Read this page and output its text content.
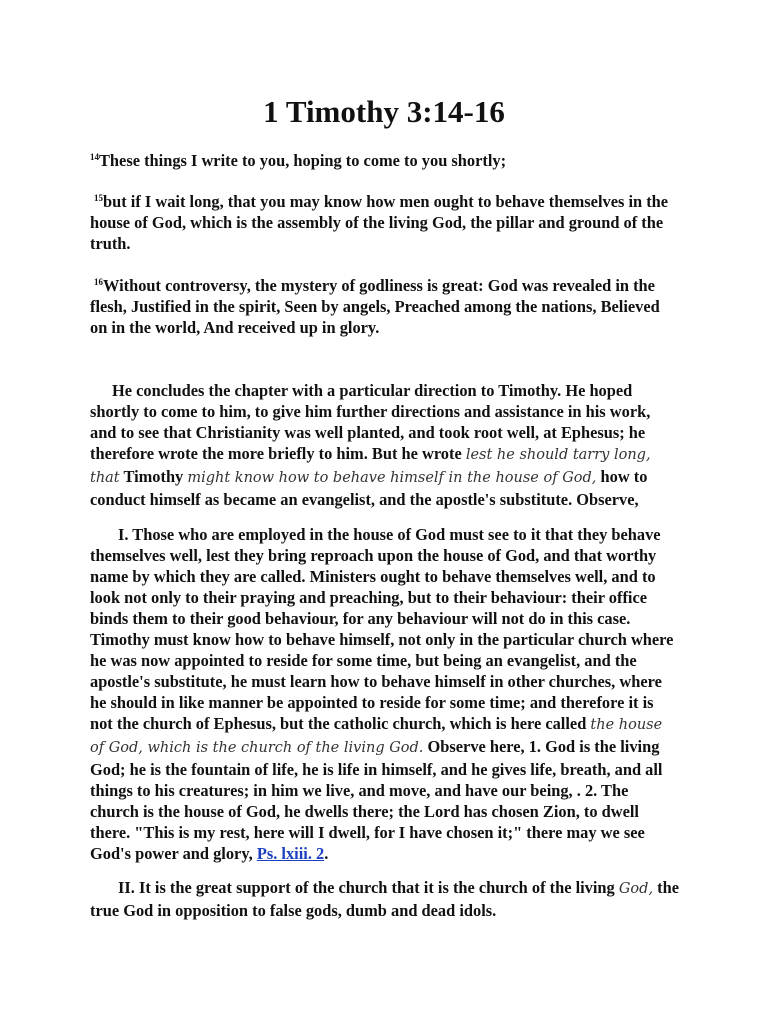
1 Timothy 3:14-16

$^{14}$These things I write to you, hoping to come to you shortly;

$^{15}$but if I wait long, that you may know how men ought to behave themselves in the house of God, which is the assembly of the living God, the pillar and ground of the truth.

$^{16}$Without controversy, the mystery of godliness is great: God was revealed in the flesh, Justified in the spirit, Seen by angels, Preached among the nations, Believed on in the world, And received up in glory.

He concludes the chapter with a particular direction to Timothy. He hoped shortly to come to him, to give him further directions and assistance in his work, and to see that Christianity was well planted, and took root well, at Ephesus; he therefore wrote the more briefly to him. But he wrote lest he should tarry long, that Timothy might know how to behave himself in the house of God, how to conduct himself as became an evangelist, and the apostle's substitute. Observe,

I. Those who are employed in the house of God must see to it that they behave themselves well, lest they bring reproach upon the house of God, and that worthy name by which they are called. Ministers ought to behave themselves well, and to look not only to their praying and preaching, but to their behaviour: their office binds them to their good behaviour, for any behaviour will not do in this case. Timothy must know how to behave himself, not only in the particular church where he was now appointed to reside for some time, but being an evangelist, and the apostle's substitute, he must learn how to behave himself in other churches, where he should in like manner be appointed to reside for some time; and therefore it is not the church of Ephesus, but the catholic church, which is here called the house of God, which is the church of the living God. Observe here, 1. God is the living God; he is the fountain of life, he is life in himself, and he gives life, breath, and all things to his creatures; in him we live, and move, and have our being, . 2. The church is the house of God, he dwells there; the Lord has chosen Zion, to dwell there. "This is my rest, here will I dwell, for I have chosen it;" there may we see God's power and glory, Ps. lxiii. 2.

II. It is the great support of the church that it is the church of the living God, the true God in opposition to false gods, dumb and dead idols.
